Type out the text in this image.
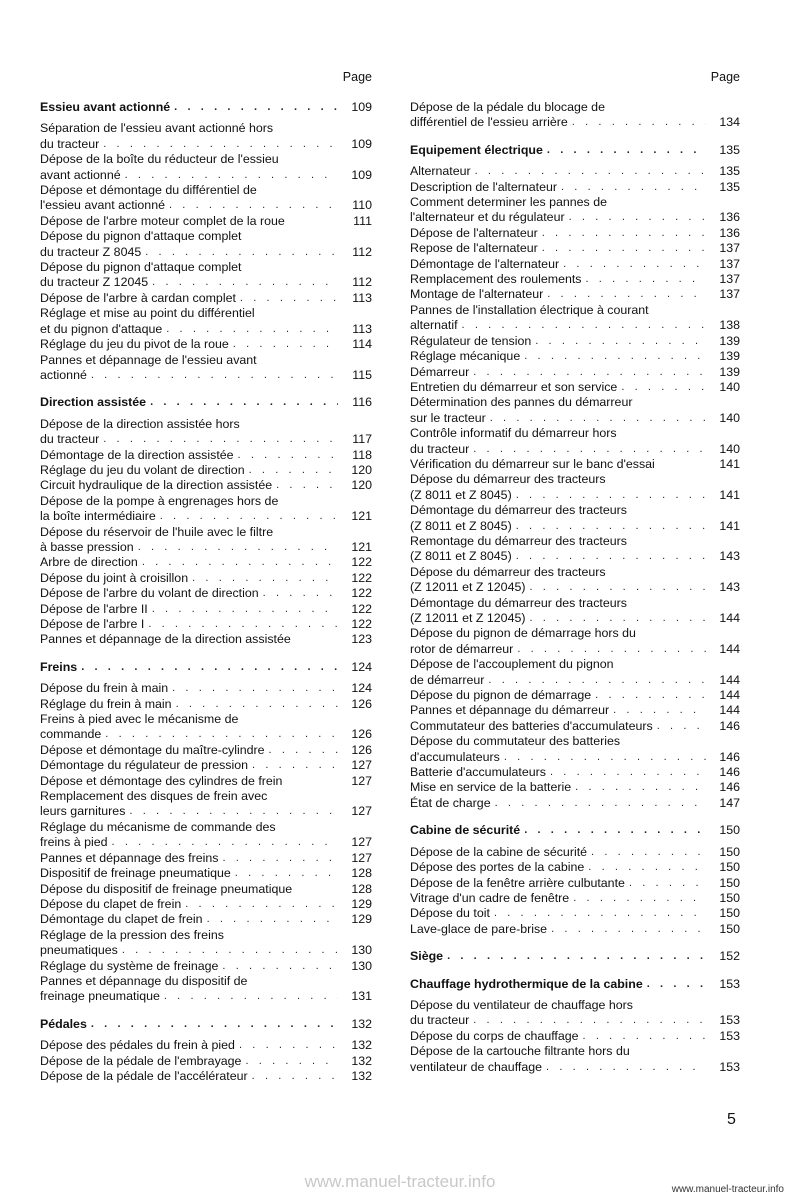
Page
Essieu avant actionné . . .	109
Séparation de l'essieu avant actionné hors
du tracteur . . .	109
Dépose de la boîte du réducteur de l'essieu
avant actionné . . .	109
Dépose et démontage du différentiel de
l'essieu avant actionné . . .	110
Dépose de l'arbre moteur complet de la roue	111
Dépose du pignon d'attaque complet
du tracteur Z 8045 . . .	112
Dépose du pignon d'attaque complet
du tracteur Z 12045 . . .	112
Dépose de l'arbre à cardan complet . . .	113
Réglage et mise au point du différentiel
et du pignon d'attaque . . .	113
Réglage du jeu du pivot de la roue . . .	114
Pannes et dépannage de l'essieu avant
actionné . . .	115
Direction assistée . . .	116
Dépose de la direction assistée hors
du tracteur . . .	117
Démontage de la direction assistée . . .	118
Réglage du jeu du volant de direction . . .	120
Circuit hydraulique de la direction assistée . . .	120
Dépose de la pompe à engrenages hors de
la boîte intermédiaire . . .	121
Dépose du réservoir de l'huile avec le filtre
à basse pression . . .	121
Arbre de direction . . .	122
Dépose du joint à croisillon . . .	122
Dépose de l'arbre du volant de direction . . .	122
Dépose de l'arbre II . . .	122
Dépose de l'arbre I . . .	122
Pannes et dépannage de la direction assistée	123
Freins . . .	124
Dépose du frein à main . . .	124
Réglage du frein à main . . .	126
Freins à pied avec le mécanisme de
commande . . .	126
Dépose et démontage du maître-cylindre . . .	126
Démontage du régulateur de pression . . .	127
Dépose et démontage des cylindres de frein	127
Remplacement des disques de frein avec
leurs garnitures . . .	127
Réglage du mécanisme de commande des
freins à pied . . .	127
Pannes et dépannage des freins . . .	127
Dispositif de freinage pneumatique . . .	128
Dépose du dispositif de freinage pneumatique	128
Dépose du clapet de frein . . .	129
Démontage du clapet de frein . . .	129
Réglage de la pression des freins
pneumatiques . . .	130
Réglage du système de freinage . . .	130
Pannes et dépannage du dispositif de
freinage pneumatique . . .	131
Pédales . . .	132
Dépose des pédales du frein à pied . . .	132
Dépose de la pédale de l'embrayage . . .	132
Dépose de la pédale de l'accélérateur . . .	132
Page
Dépose de la pédale du blocage de
différentiel de l'essieu arrière . . .	134
Equipement électrique . . .	135
Alternateur . . .	135
Description de l'alternateur . . .	135
Comment determiner les pannes de
l'alternateur et du régulateur . . .	136
Dépose de l'alternateur . . .	136
Repose de l'alternateur . . .	137
Démontage de l'alternateur . . .	137
Remplacement des roulements . . .	137
Montage de l'alternateur . . .	137
Pannes de l'installation électrique à courant
alternatif . . .	138
Régulateur de tension . . .	139
Réglage mécanique . . .	139
Démarreur . . .	139
Entretien du démarreur et son service . . .	140
Détermination des pannes du démarreur
sur le tracteur . . .	140
Contrôle informatif du démarreur hors
du tracteur . . .	140
Vérification du démarreur sur le banc d'essai	141
Dépose du démarreur des tracteurs
(Z 8011 et Z 8045) . . .	141
Démontage du démarreur des tracteurs
(Z 8011 et Z 8045) . . .	141
Remontage du démarreur des tracteurs
(Z 8011 et Z 8045) . . .	143
Dépose du démarreur des tracteurs
(Z 12011 et Z 12045) . . .	143
Démontage du démarreur des tracteurs
(Z 12011 et Z 12045) . . .	144
Dépose du pignon de démarrage hors du
rotor de démarreur . . .	144
Dépose de l'accouplement du pignon
de démarreur . . .	144
Dépose du pignon de démarrage . . .	144
Pannes et dépannage du démarreur . . .	144
Commutateur des batteries d'accumulateurs . . .	146
Dépose du commutateur des batteries
d'accumulateurs . . .	146
Batterie d'accumulateurs . . .	146
Mise en service de la batterie . . .	146
État de charge . . .	147
Cabine de sécurité . . .	150
Dépose de la cabine de sécurité . . .	150
Dépose des portes de la cabine . . .	150
Dépose de la fenêtre arrière culbutante . . .	150
Vitrage d'un cadre de fenêtre . . .	150
Dépose du toit . . .	150
Lave-glace de pare-brise . . .	150
Siège . . .	152
Chauffage hydrothermique de la cabine . . .	153
Dépose du ventilateur de chauffage hors
du tracteur . . .	153
Dépose du corps de chauffage . . .	153
Dépose de la cartouche filtrante hors du
ventilateur de chauffage . . .	153
5
www.manuel-tracteur.info	www.manuel-tracteur.info
